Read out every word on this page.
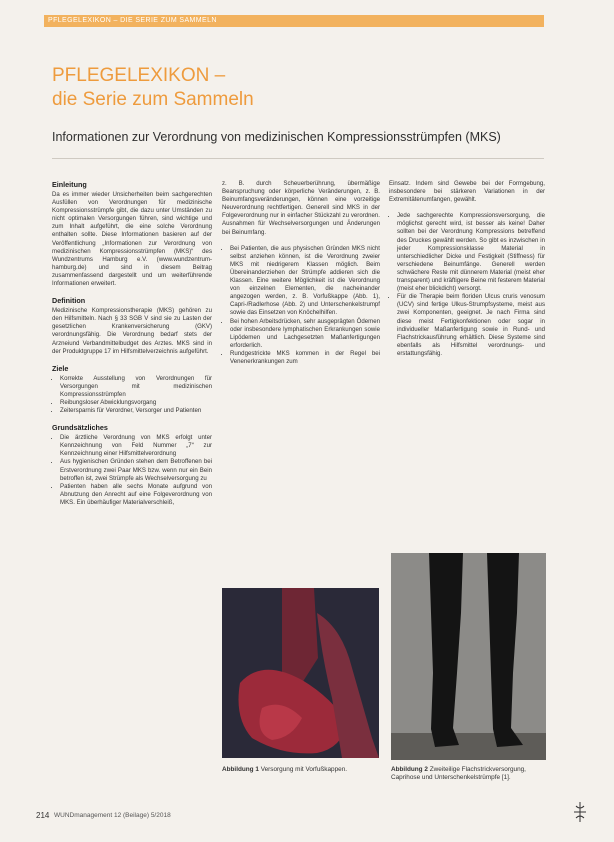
PFLEGELEXIKON – DIE SERIE ZUM SAMMELN
PFLEGELEXIKON –
die Serie zum Sammeln
Informationen zur Verordnung von medizinischen Kompressionsstrümpfen (MKS)
Einleitung

Da es immer wieder Unsicherheiten beim sachgerechten Ausfüllen von Verordnungen für medizinische Kompressionsstrümpfe gibt, die dazu unter Umständen zu nicht optimalen Versorgungen führen, sind wichtige und zum Inhalt aufgeführt, die eine solche Verordnung enthalten sollte. Diese Informationen basieren auf der Veröffentlichung „Informationen zur Verordnung von medizinischen Kompressionsstrümpfen (MKS)“ des Wundzentrums Hamburg e.V. (www.wundzentrum-hamburg.de) und sind in diesem Beitrag zusammenfassend dargestellt und um weiterführende Informationen erweitert.

Definition

Medizinische Kompressionstherapie (MKS) gehören zu den Hilfsmitteln. Nach § 33 SGB V sind sie zu Lasten der gesetzlichen Krankenversicherung (GKV) verordnungsfähig. Die Verordnung bedarf stets der Arzneiund Verbandmittelbudget des Arztes. MKS sind in der Produktgruppe 17 im Hilfsmittelverzeichnis aufgeführt.

Ziele
• Korrekte Ausstellung von Verordnungen für Versorgungen mit medizinischen Kompressionsstrümpfen
• Reibungsloser Abwicklungsvorgang
• Zeitersparnis für Verordner, Versorger und Patienten
Grundsätzliches
• Die ärztliche Verordnung von MKS erfolgt unter Kennzeichnung von Feld Nummer „7“ zur Kennzeichnung einer Hilfsmittelverordnung
• Aus hygienischen Gründen stehen dem Betroffenen bei Erstverordnung zwei Paar MKS bzw. wenn nur ein Bein betroffen ist, zwei Strümpfe als Wechselversorgung zu
• Patienten haben alle sechs Monate aufgrund von Abnutzung den Anrecht auf eine Folgeverordnung von MKS. Ein überhäufiger Materialverschleiß,

z. B. durch Scheuerberührung, übermäßige Beanspruchung oder körperliche Veränderungen, z. B. Beinumfangsveränderungen, können eine vorzeitige Neuverordnung rechtfertigen. Generell sind MKS in der Folgeverordnung nur in einfacher Stückzahl zu verordnen. Ausnahmen für Wechselversorgungen und Änderungen bei Beinumfang.

• Bei Patienten, die aus physischen Gründen MKS nicht selbst anziehen können, ist die Verordnung zweier MKS mit niedrigerem Klassen möglich. Beim Übereinanderziehen der Strümpfe addieren sich die Klassen. Eine weitere Möglichkeit ist die Verordnung von einzelnen Elementen, die nacheinander angezogen werden, z. B. Vorfußkappe (Abb. 1), Capri-/Radlerhose (Abb. 2) und Unterschenkelstrumpf sowie das Einsetzen von Knöchelhilfen.
• Bei hohen Arbeitsdrücken, sehr ausgeprägten Ödemen oder insbesondere lymphatischen Erkrankungen sowie Lipödemen und Lachgesetzten Maßanfertigungen erforderlich.
• Rundgestrickte MKS kommen in der Regel bei Venenerkrankungen zum

Einsatz. Indem sind Gewebe bei der Formgebung, insbesondere bei stärkeren Variationen in der Extremitätenumfangen, gewählt.

• Jede sachgerechte Kompressionsversorgung, die möglichst gerecht wird, ist besser als keine! Daher sollten bei der Verordnung Kompressions betreffend des Druckes gewählt werden. So gibt es inzwischen in jeder Kompressionsklasse Material in unterschiedlicher Dicke und Festigkeit (Stiffness) für verschiedene Beinumfänge. Generell werden schwächere Reste mit dünnerem Material (meist eher transparent) und kräftigere Beine mit festerem Material (meist eher blickdicht) versorgt.
• Für die Therapie beim floriden Ulcus cruris venosum (UCV) sind fertige Ulkus-Strumpfsysteme, meist aus zwei Komponenten, geeignet. Je nach Firma sind diese meist Fertigkonfektionen oder sogar in individueller Maßanfertigung sowie in Rund- und Flachstrickausführung erhältlich. Diese Systeme sind ebenfalls als Hilfsmittel verordnungs- und erstattungsfähig.
Abbildung 1 Versorgung mit Vorfußkappen.	Abbildung 2 Zweiteilige Flachstrickversorgung, Caprihose und Unterschenkelstrümpfe [1].
214 WUNDmanagement 12 (Beilage) 5/2018
